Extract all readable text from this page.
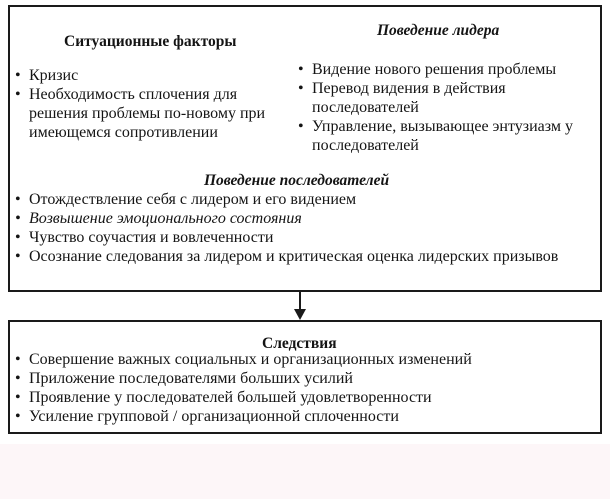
Ситуационные факторы
• Кризис
• Необходимость сплочения для решения проблемы по-новому при имеющемся сопротивлении
Поведение лидера
• Видение нового решения проблемы
• Перевод видения в действия последователей
• Управление, вызывающее энтузиазм у последователей
Поведение последователей
• Отождествление себя с лидером и его видением
• Возвышение эмоционального состояния
• Чувство соучастия и вовлеченности
• Осознание следования за лидером и критическая оценка лидерских призывов
Следствия
• Совершение важных социальных и организационных изменений
• Приложение последователями больших усилий
• Проявление у последователей большей удовлетворенности
• Усиление групповой / организационной сплоченности
